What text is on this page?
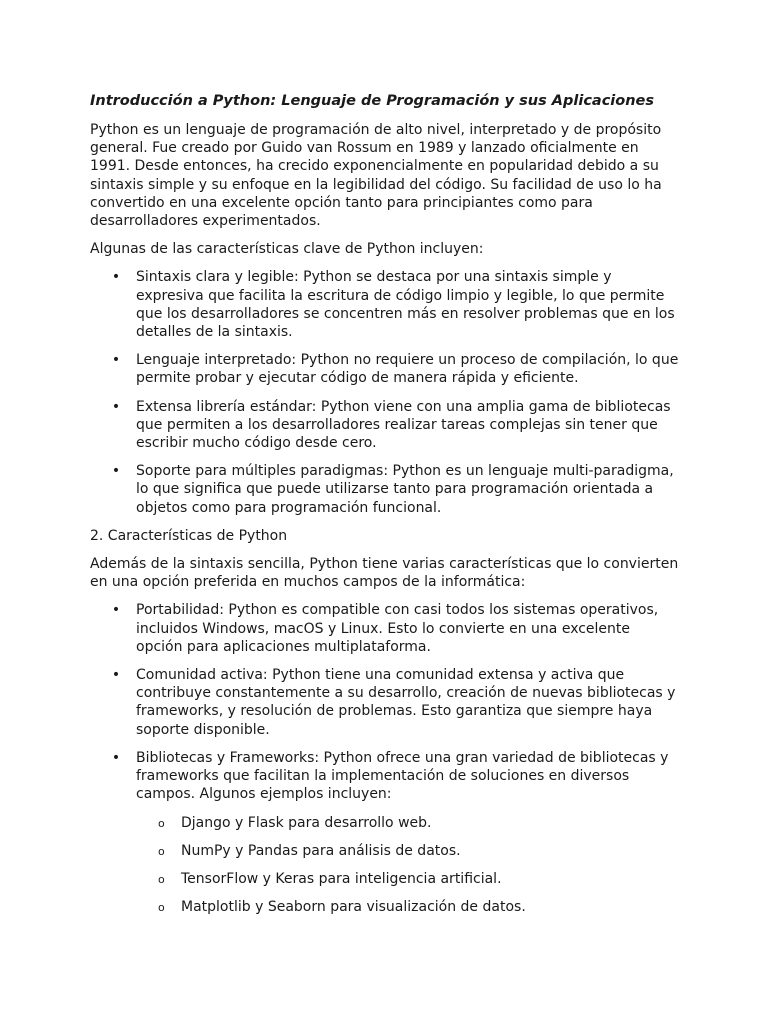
Introducción a Python: Lenguaje de Programación y sus Aplicaciones

Python es un lenguaje de programación de alto nivel, interpretado y de propósito general. Fue creado por Guido van Rossum en 1989 y lanzado oficialmente en 1991. Desde entonces, ha crecido exponencialmente en popularidad debido a su sintaxis simple y su enfoque en la legibilidad del código. Su facilidad de uso lo ha convertido en una excelente opción tanto para principiantes como para desarrolladores experimentados.

Algunas de las características clave de Python incluyen:

• Sintaxis clara y legible: Python se destaca por una sintaxis simple y expresiva que facilita la escritura de código limpio y legible, lo que permite que los desarrolladores se concentren más en resolver problemas que en los detalles de la sintaxis.
• Lenguaje interpretado: Python no requiere un proceso de compilación, lo que permite probar y ejecutar código de manera rápida y eficiente.
• Extensa librería estándar: Python viene con una amplia gama de bibliotecas que permiten a los desarrolladores realizar tareas complejas sin tener que escribir mucho código desde cero.
• Soporte para múltiples paradigmas: Python es un lenguaje multi-paradigma, lo que significa que puede utilizarse tanto para programación orientada a objetos como para programación funcional.

2. Características de Python

Además de la sintaxis sencilla, Python tiene varias características que lo convierten en una opción preferida en muchos campos de la informática:

• Portabilidad: Python es compatible con casi todos los sistemas operativos, incluidos Windows, macOS y Linux. Esto lo convierte en una excelente opción para aplicaciones multiplataforma.
• Comunidad activa: Python tiene una comunidad extensa y activa que contribuye constantemente a su desarrollo, creación de nuevas bibliotecas y frameworks, y resolución de problemas. Esto garantiza que siempre haya soporte disponible.
• Bibliotecas y Frameworks: Python ofrece una gran variedad de bibliotecas y frameworks que facilitan la implementación de soluciones en diversos campos. Algunos ejemplos incluyen:
o Django y Flask para desarrollo web.
o NumPy y Pandas para análisis de datos.
o TensorFlow y Keras para inteligencia artificial.
o Matplotlib y Seaborn para visualización de datos.
